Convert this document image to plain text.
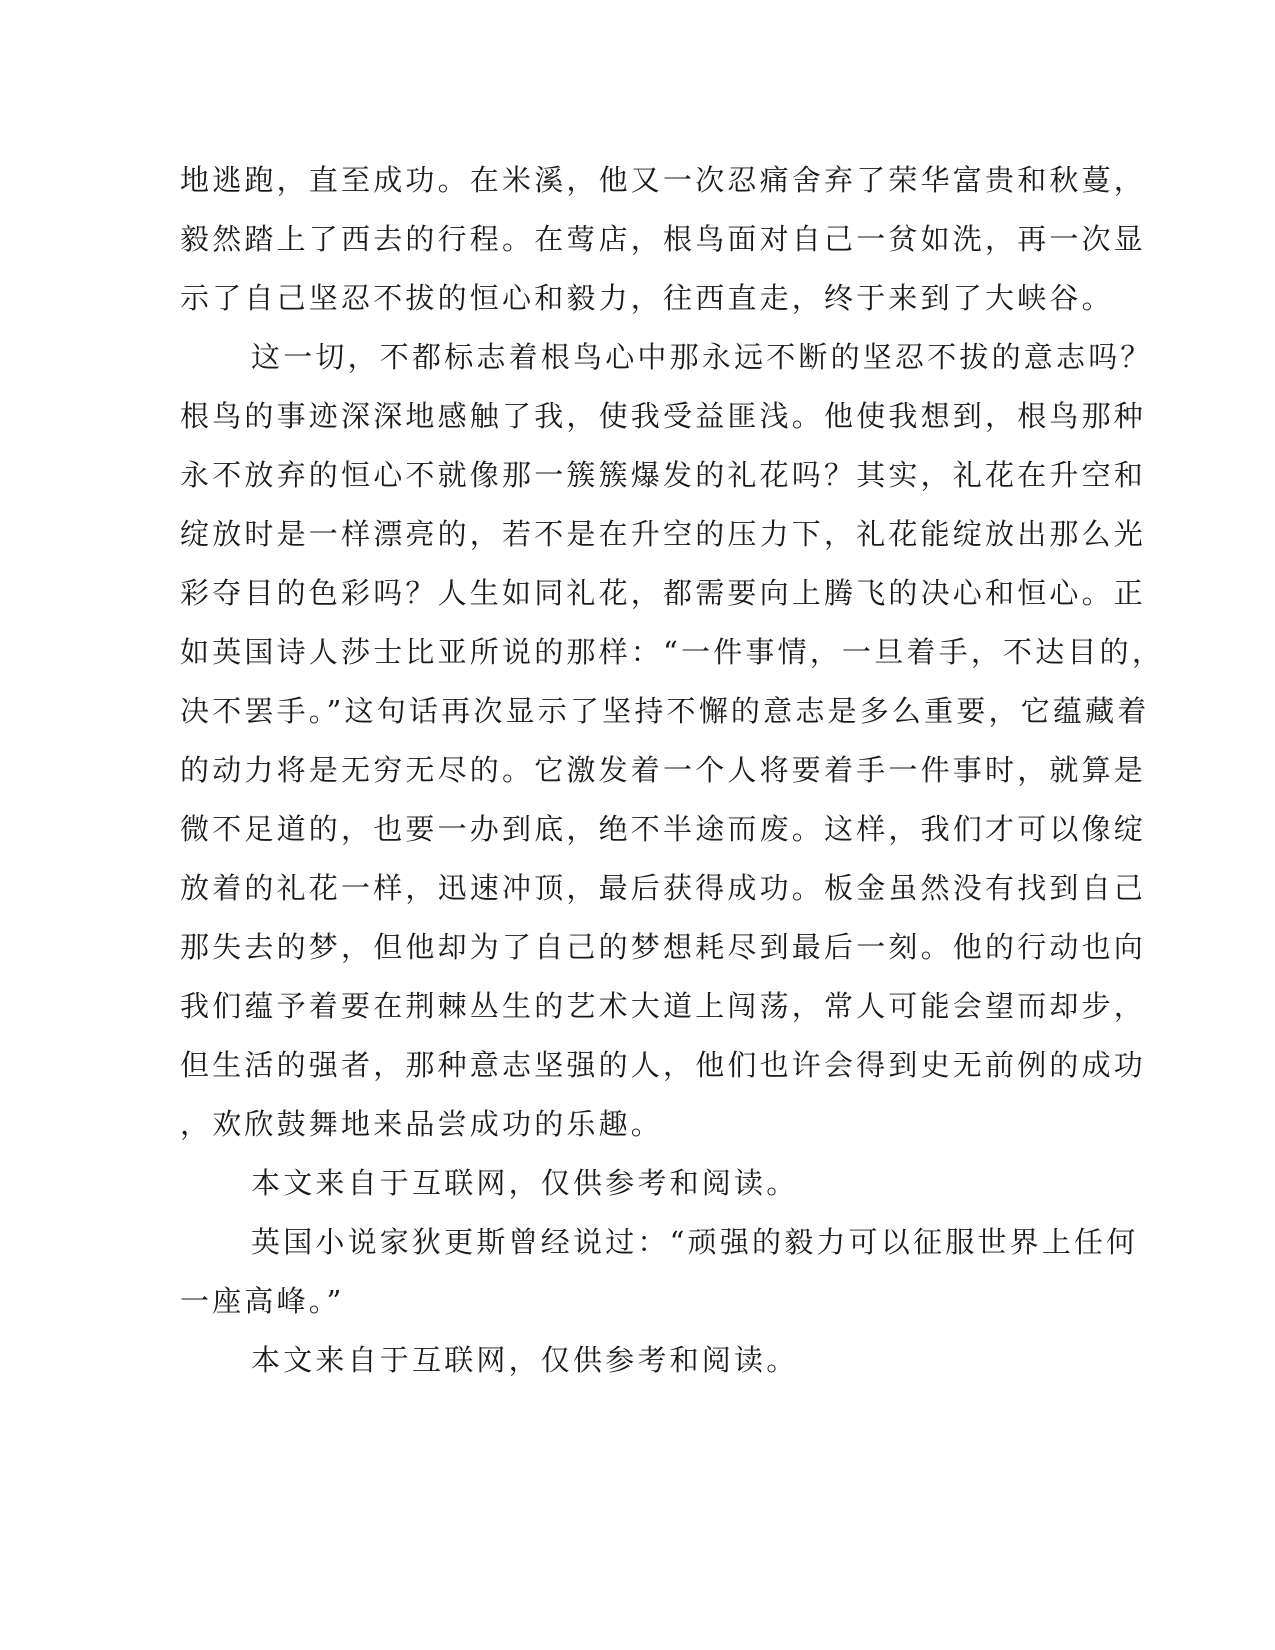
地逃跑，直至成功。在米溪，他又一次忍痛舍弃了荣华富贵和秋蔓，
毅然踏上了西去的行程。在莺店，根鸟面对自己一贫如洗，再一次显
示了自己坚忍不拔的恒心和毅力，往西直走，终于来到了大峡谷。
这一切，不都标志着根鸟心中那永远不断的坚忍不拔的意志吗？
根鸟的事迹深深地感触了我，使我受益匪浅。他使我想到，根鸟那种
永不放弃的恒心不就像那一簇簇爆发的礼花吗？其实，礼花在升空和
绽放时是一样漂亮的，若不是在升空的压力下，礼花能绽放出那么光
彩夺目的色彩吗？人生如同礼花，都需要向上腾飞的决心和恒心。正
如英国诗人莎士比亚所说的那样：“一件事情，一旦着手，不达目的，
决不罢手。”这句话再次显示了坚持不懈的意志是多么重要，它蕴藏着
的动力将是无穷无尽的。它激发着一个人将要着手一件事时，就算是
微不足道的，也要一办到底，绝不半途而废。这样，我们才可以像绽
放着的礼花一样，迅速冲顶，最后获得成功。板金虽然没有找到自己
那失去的梦，但他却为了自己的梦想耗尽到最后一刻。他的行动也向
我们蕴予着要在荆棘丛生的艺术大道上闯荡，常人可能会望而却步，
但生活的强者，那种意志坚强的人，他们也许会得到史无前例的成功
，欢欣鼓舞地来品尝成功的乐趣。
本文来自于互联网，仅供参考和阅读。
英国小说家狄更斯曾经说过：“顽强的毅力可以征服世界上任何
一座高峰。”
本文来自于互联网，仅供参考和阅读。
